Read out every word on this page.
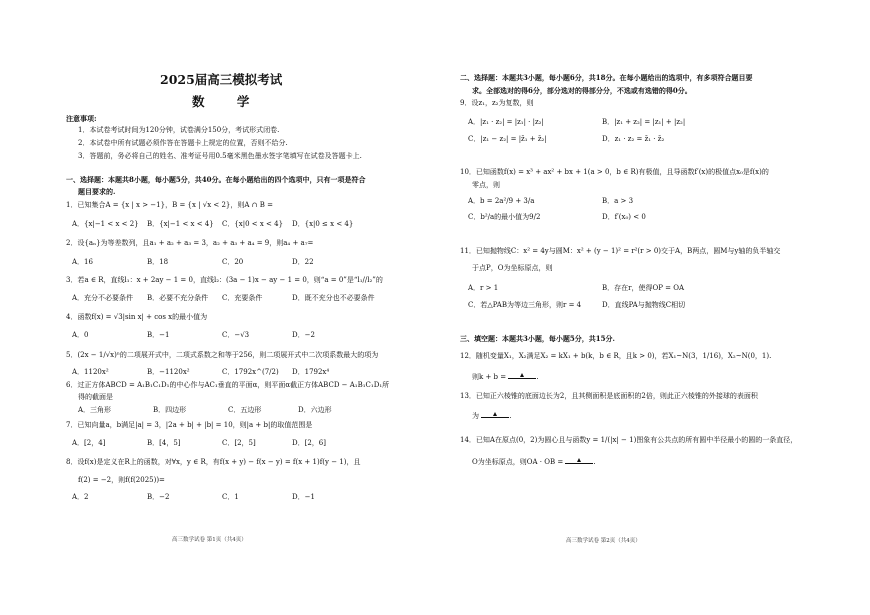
2025届高三模拟考试
数 学
注意事项:
1．本试卷考试时间为120分钟，试卷满分150分，考试形式闭卷.
2．本试卷中所有试题必须作答在答题卡上规定的位置，否则不给分.
3．答题前，务必将自己的姓名、准考证号用0.5毫米黑色墨水签字笔填写在试卷及答题卡上.
一、选择题：本题共8小题，每小题5分，共40分。在每小题给出的四个选项中，只有一项是符合
题目要求的.
1．已知集合A = {x | x > −1}，B = {x | √x < 2}，则A ∩ B =
A．{x|−1 < x < 2} B．{x|−1 < x < 4} C．{x|0 < x < 4} D．{x|0 ≤ x < 4}
2．设{aₙ}为等差数列，且a₁ + a₂ + a₃ = 3，a₂ + a₃ + a₄ = 9，则a₄ + a₇=
A．16	B．18	C．20	D．22
3．若a ∈ R，直线l₁：x + 2ay − 1 = 0，直线l₂：(3a − 1)x − ay − 1 = 0，则“a = 0”是“l₁//l₂”的
A．充分不必要条件 B．必要不充分条件 C．充要条件	D．既不充分也不必要条件
4．函数f(x) = √3|sin x| + cos x的最小值为
A．0	B．−1	C．−√3	D．−2
5．(2x − 1/√x)ⁿ的二项展开式中，二项式系数之和等于256，则二项展开式中二次项系数最大的项为
A．1120x²	B．−1120x²	C．1792x^(7/2) D．1792x⁴
6．过正方体ABCD = A₁B₁C₁D₁的中心作与AC₁垂直的平面α，则平面α截正方体ABCD − A₁B₁C₁D₁所
得的截面是
A．三角形	B．四边形	C．五边形	D．六边形
7．已知向量a，b满足|a| = 3，|2a + b| + |b| = 10，则|a + b|的取值范围是
A．[2，4]	B．[4，5]	C．[2，5]	D．[2，6]
8．设f(x)是定义在R上的函数，对∀x，y ∈ R，有f(x + y) − f(x − y) = f(x + 1)f(y − 1)，且
f(2) = −2，则f(f(2025))=
A．2	B．−2	C．1	D．−1
高三数学试卷 第1页（共4页）
二、选择题：本题共3小题，每小题6分，共18分。在每小题给出的选项中，有多项符合题目要
求。全部选对的得6分，部分选对的得部分分，不选或有选错的得0分。
9．设z₁，z₂为复数，则
A．|z₁ · z₂| = |z₁| · |z₂|	B．|z₁ + z₂| = |z₁| + |z₂|
C．|z₁ − z₂| = |z̄₁ + z̄₂|	D．z₁ · z₂ = z̄₁ · z̄₂
10．已知函数f(x) = x³ + ax² + bx + 1(a > 0，b ∈ R)有极值，且导函数f′(x)的极值点x₀是f(x)的
零点，则
A．b = 2a²/9 + 3/a	B．a > 3
C．b²/a的最小值为9/2	D．f′(x₀) < 0
11．已知抛物线C：x² = 4y与圆M：x² + (y − 1)² = r²(r > 0)交于A，B两点，圆M与y轴的负半轴交
于点P，O为坐标原点，则
A．r > 1	B．存在r，使得OP = OA
C．若△PAB为等边三角形，则r = 4	D．直线PA与抛物线C相切
三、填空题：本题共3小题，每小题5分，共15分.
12．随机变量X₁，X₂满足X₂ = kX₁ + b(k，b ∈ R，且k > 0)，若X₁~N(3，1/16)，X₂~N(0，1).
则k + b =	.
13．已知正六棱锥的底面边长为2，且其侧面积是底面积的2倍，则此正六棱锥的外接球的表面积
为	.
14．已知A在原点(0，2)为圆心且与函数y = 1/(|x| − 1)图象有公共点的所有圆中半径最小的圆的一条直径，
O为坐标原点，则OA · OB =	.
高三数学试卷 第2页（共4页）
